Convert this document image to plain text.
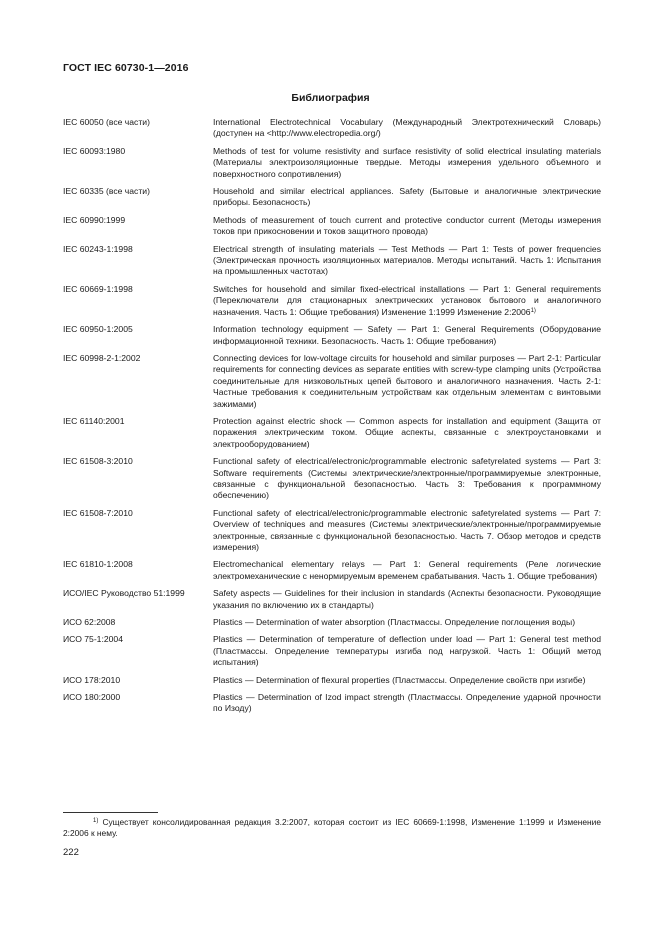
ГОСТ IEC 60730-1—2016
Библиография
IEC 60050 (все части)	International Electrotechnical Vocabulary (Международный Электротехнический Словарь) (доступен на <http://www.electropedia.org/)
IEC 60093:1980	Methods of test for volume resistivity and surface resistivity of solid electrical insulating materials (Материалы электроизоляционные твердые. Методы измерения удельного объемного и поверхностного сопротивления)
IEC 60335 (все части)	Household and similar electrical appliances. Safety (Бытовые и аналогичные электрические приборы. Безопасность)
IEC 60990:1999	Methods of measurement of touch current and protective conductor current (Методы измерения токов при прикосновении и токов защитного провода)
IEC 60243-1:1998	Electrical strength of insulating materials — Test Methods — Part 1: Tests of power frequencies (Электрическая прочность изоляционных материалов. Методы испытаний. Часть 1: Испытания на промышленных частотах)
IEC 60669-1:1998	Switches for household and similar fixed-electrical installations — Part 1: General requirements (Переключатели для стационарных электрических установок бытового и аналогичного назначения. Часть 1: Общие требования) Изменение 1:1999 Изменение 2:2006$^{1)}$
IEC 60950-1:2005	Information technology equipment — Safety — Part 1: General Requirements (Оборудование информационной техники. Безопасность. Часть 1: Общие требования)
IEC 60998-2-1:2002	Connecting devices for low-voltage circuits for household and similar purposes — Part 2-1: Particular requirements for connecting devices as separate entities with screw-type clamping units (Устройства соединительные для низковольтных цепей бытового и аналогичного назначения. Часть 2-1: Частные требования к соединительным устройствам как отдельным элементам с винтовыми зажимами)
IEC 61140:2001	Protection against electric shock — Common aspects for installation and equipment (Защита от поражения электрическим током. Общие аспекты, связанные с электроустановками и электрооборудованием)
IEC 61508-3:2010	Functional safety of electrical/electronic/programmable electronic safetyrelated systems — Part 3: Software requirements (Системы электрические/электронные/программируемые электронные, связанные с функциональной безопасностью. Часть 3: Требования к программному обеспечению)
IEC 61508-7:2010	Functional safety of electrical/electronic/programmable electronic safetyrelated systems — Part 7: Overview of techniques and measures (Системы электрические/электронные/программируемые электронные, связанные с функциональной безопасностью. Часть 7. Обзор методов и средств измерения)
IEC 61810-1:2008	Electromechanical elementary relays — Part 1: General requirements (Реле логические электромеханические с ненормируемым временем срабатывания. Часть 1. Общие требования)
ИСО/IEC Руководство 51:1999	Safety aspects — Guidelines for their inclusion in standards (Аспекты безопасности. Руководящие указания по включению их в стандарты)
ИСО 62:2008	Plastics — Determination of water absorption (Пластмассы. Определение поглощения воды)
ИСО 75-1:2004	Plastics — Determination of temperature of deflection under load — Part 1: General test method (Пластмассы. Определение температуры изгиба под нагрузкой. Часть 1: Общий метод испытания)
ИСО 178:2010	Plastics — Determination of flexural properties (Пластмассы. Определение свойств при изгибе)
ИСО 180:2000	Plastics — Determination of Izod impact strength (Пластмассы. Определение ударной прочности по Изоду)
$^{1)}$ Существует консолидированная редакция 3.2:2007, которая состоит из IEC 60669-1:1998, Изменение 1:1999 и Изменение 2:2006 к нему.
222
